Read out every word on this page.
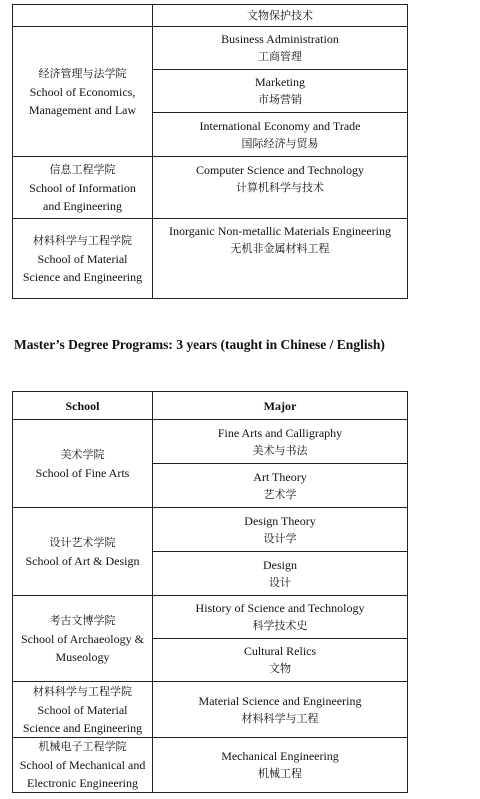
	文物保护技术

经济管理与法学院
School of Economics,
Management and Law	Business Administration
工商管理

	Marketing
市场营销

	International Economy and Trade
国际经济与贸易

信息工程学院
School of Information
and Engineering	Computer Science and Technology
计算机科学与技术

材料科学与工程学院
School of Material
Science and Engineering	Inorganic Non-metallic Materials Engineering
无机非金属材料工程

Master’s Degree Programs: 3 years (taught in Chinese / English)

School	Major

美术学院
School of Fine Arts	Fine Arts and Calligraphy
美术与书法

	Art Theory
艺术学

设计艺术学院
School of Art & Design	Design Theory
设计学

	Design
设计

考古文博学院
School of Archaeology &
Museology	History of Science and Technology
科学技术史

	Cultural Relics
文物

材料科学与工程学院
School of Material
Science and Engineering	Material Science and Engineering
材料科学与工程

机械电子工程学院
School of Mechanical and
Electronic Engineering	Mechanical Engineering
机械工程
